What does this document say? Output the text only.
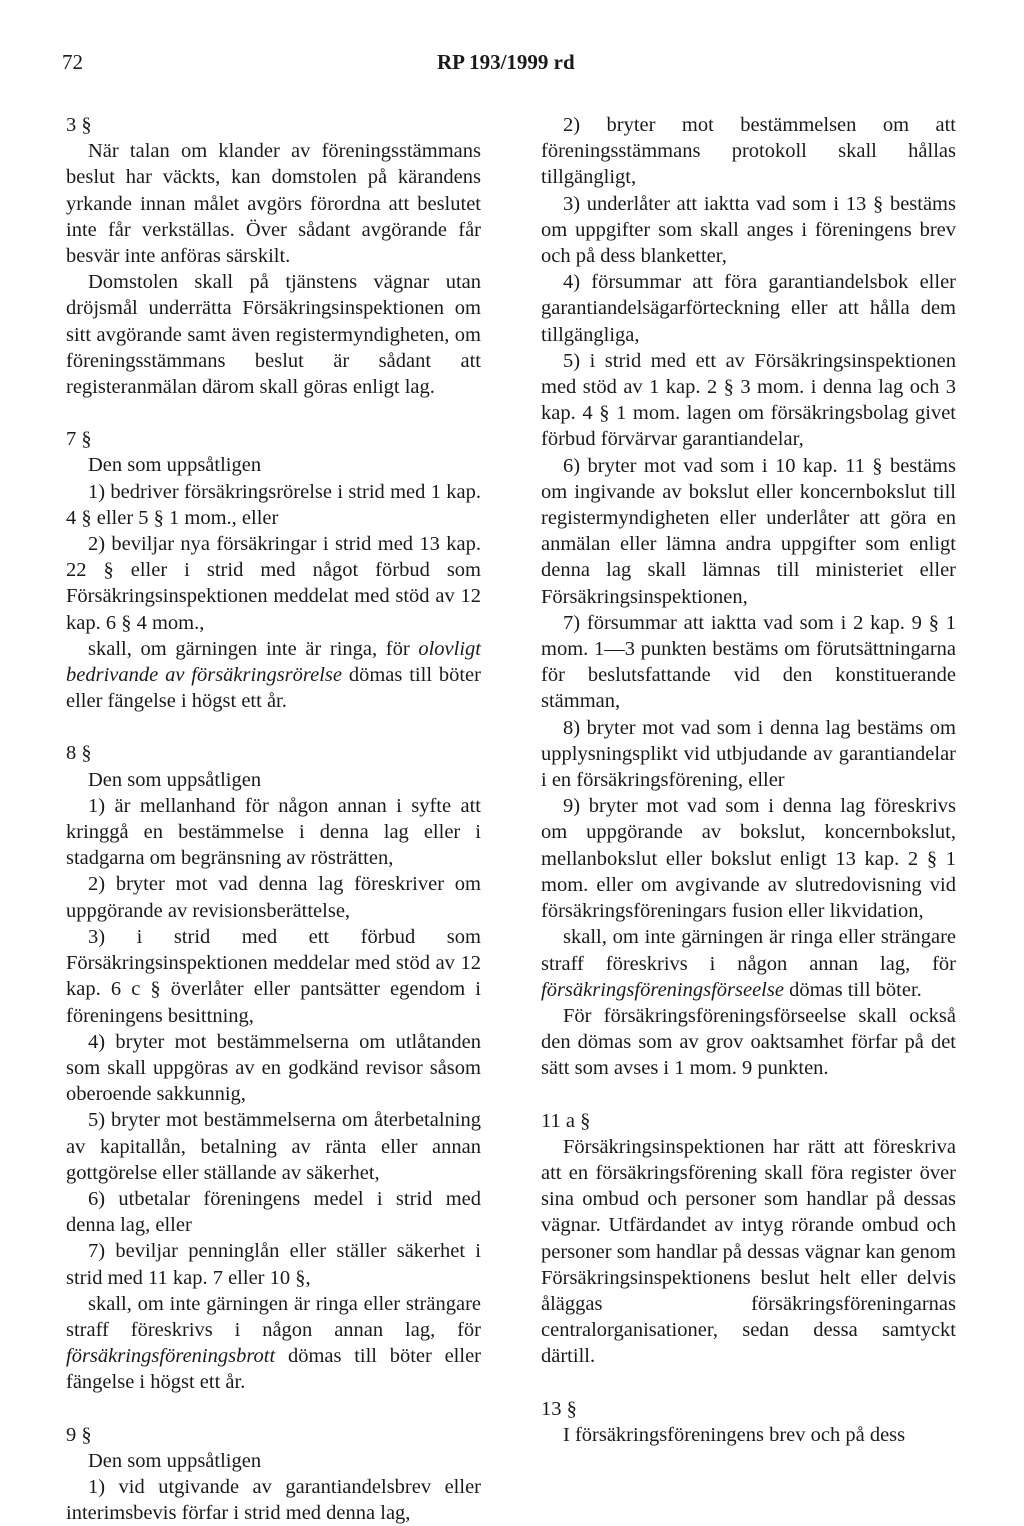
72	RP 193/1999 rd

3 §

När talan om klander av föreningsstämmans beslut har väckts, kan domstolen på kärandens yrkande innan målet avgörs förordna att beslutet inte får verkställas. Över sådant avgörande får besvär inte anföras särskilt.

Domstolen skall på tjänstens vägnar utan dröjsmål underrätta Försäkringsinspektionen om sitt avgörande samt även registermyndigheten, om föreningsstämmans beslut är sådant att registeranmälan därom skall göras enligt lag.

7 §

Den som uppsåtligen

1) bedriver försäkringsrörelse i strid med 1 kap. 4 § eller 5 § 1 mom., eller

2) beviljar nya försäkringar i strid med 13 kap. 22 § eller i strid med något förbud som Försäkringsinspektionen meddelat med stöd av 12 kap. 6 § 4 mom.,

skall, om gärningen inte är ringa, för olovligt bedrivande av försäkringsrörelse dömas till böter eller fängelse i högst ett år.

8 §

Den som uppsåtligen

1) är mellanhand för någon annan i syfte att kringgå en bestämmelse i denna lag eller i stadgarna om begränsning av rösträtten,

2) bryter mot vad denna lag föreskriver om uppgörande av revisionsberättelse,

3) i strid med ett förbud som Försäkringsinspektionen meddelar med stöd av 12 kap. 6 c § överlåter eller pantsätter egendom i föreningens besittning,

4) bryter mot bestämmelserna om utlåtanden som skall uppgöras av en godkänd revisor såsom oberoende sakkunnig,

5) bryter mot bestämmelserna om återbetalning av kapitallån, betalning av ränta eller annan gottgörelse eller ställande av säkerhet,

6) utbetalar föreningens medel i strid med denna lag, eller

7) beviljar penninglån eller ställer säkerhet i strid med 11 kap. 7 eller 10 §,

skall, om inte gärningen är ringa eller strängare straff föreskrivs i någon annan lag, för försäkringsföreningsbrott dömas till böter eller fängelse i högst ett år.

9 §

Den som uppsåtligen

1) vid utgivande av garantiandelsbrev eller interimsbevis förfar i strid med denna lag,

2) bryter mot bestämmelsen om att föreningsstämmans protokoll skall hållas tillgängligt,

3) underlåter att iaktta vad som i 13 § bestäms om uppgifter som skall anges i föreningens brev och på dess blanketter,

4) försummar att föra garantiandelsbok eller garantiandelsägarförteckning eller att hålla dem tillgängliga,

5) i strid med ett av Försäkringsinspektionen med stöd av 1 kap. 2 § 3 mom. i denna lag och 3 kap. 4 § 1 mom. lagen om försäkringsbolag givet förbud förvärvar garantiandelar,

6) bryter mot vad som i 10 kap. 11 § bestäms om ingivande av bokslut eller koncernbokslut till registermyndigheten eller underlåter att göra en anmälan eller lämna andra uppgifter som enligt denna lag skall lämnas till ministeriet eller Försäkringsinspektionen,

7) försummar att iaktta vad som i 2 kap. 9 § 1 mom. 1—3 punkten bestäms om förutsättningarna för beslutsfattande vid den konstituerande stämman,

8) bryter mot vad som i denna lag bestäms om upplysningsplikt vid utbjudande av garantiandelar i en försäkringsförening, eller

9) bryter mot vad som i denna lag föreskrivs om uppgörande av bokslut, koncernbokslut, mellanbokslut eller bokslut enligt 13 kap. 2 § 1 mom. eller om avgivande av slutredovisning vid försäkringsföreningars fusion eller likvidation,

skall, om inte gärningen är ringa eller strängare straff föreskrivs i någon annan lag, för försäkringsföreningsförseelse dömas till böter.

För försäkringsföreningsförseelse skall också den dömas som av grov oaktsamhet förfar på det sätt som avses i 1 mom. 9 punkten.

11 a §

Försäkringsinspektionen har rätt att föreskriva att en försäkringsförening skall föra register över sina ombud och personer som handlar på dessas vägnar. Utfärdandet av intyg rörande ombud och personer som handlar på dessas vägnar kan genom Försäkringsinspektionens beslut helt eller delvis åläggas försäkringsföreningarnas centralorganisationer, sedan dessa samtyckt därtill.

13 §

I försäkringsföreningens brev och på dess
